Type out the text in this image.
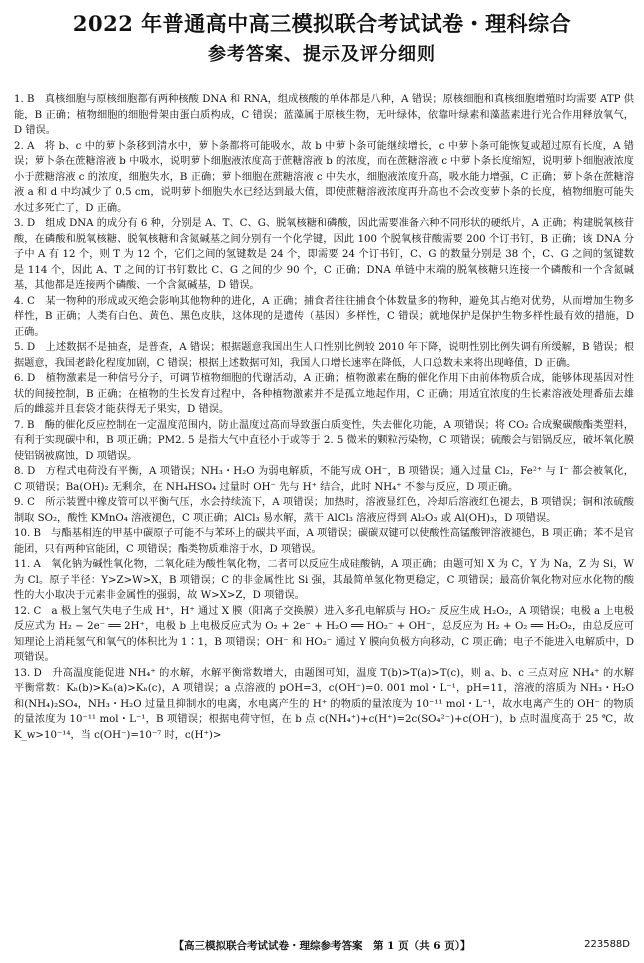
2022 年普通高中高三模拟联合考试试卷・理科综合
参考答案、提示及评分细则

1. B　真核细胞与原核细胞都有两种核酸 DNA 和 RNA，组成核酸的单体都是八种，A 错误；原核细胞和真核细胞增殖时均需要 ATP 供能，B 正确；植物细胞的细胞骨架由蛋白质构成，C 错误；蓝藻属于原核生物，无叶绿体，依靠叶绿素和藻蓝素进行光合作用释放氧气，D 错误。

2. A　将 b、c 中的萝卜条移到清水中，萝卜条都将可能吸水，故 b 中萝卜条可能继续增长，c 中萝卜条可能恢复或超过原有长度，A 错误；萝卜条在蔗糖溶液 b 中吸水，说明萝卜细胞液浓度高于蔗糖溶液 b 的浓度，而在蔗糖溶液 c 中萝卜条长度缩短，说明萝卜细胞液浓度小于蔗糖溶液 c 的浓度，细胞失水，B 正确；萝卜细胞在蔗糖溶液 c 中失水，细胞液浓度升高，吸水能力增强，C 正确；萝卜条在蔗糖溶液 a 和 d 中均减少了 0.5 cm，说明萝卜细胞失水已经达到最大值，即使蔗糖溶液浓度再升高也不会改变萝卜条的长度，植物细胞可能失水过多死亡了，D 正确。

3. D　组成 DNA 的成分有 6 种，分别是 A、T、C、G、脱氧核糖和磷酸，因此需要准备六种不同形状的硬纸片，A 正确；构建脱氧核苷酸，在磷酸和脱氧核糖、脱氧核糖和含氮碱基之间分别有一个化学键，因此 100 个脱氧核苷酸需要 200 个订书钉，B 正确；该 DNA 分子中 A 有 12 个，则 T 为 12 个，它们之间的氢键数是 24 个，即需要 24 个订书钉，C、G 的数量分别是 38 个，C、G 之间的氢键数是 114 个，因此 A、T 之间的订书钉数比 C、G 之间的少 90 个，C 正确；DNA 单链中末端的脱氧核糖只连接一个磷酸和一个含氮碱基，其他都是连接两个磷酸、一个含氮碱基，D 错误。

4. C　某一物种的形成或灭绝会影响其他物种的进化，A 正确；捕食者往往捕食个体数量多的物种，避免其占绝对优势，从而增加生物多样性，B 正确；人类有白色、黄色、黑色皮肤，这体现的是遗传（基因）多样性，C 错误；就地保护是保护生物多样性最有效的措施，D 正确。

5. D　上述数据不是抽查，是普查，A 错误；根据题意我国出生人口性别比例较 2010 年下降，说明性别比例失调有所缓解，B 错误；根据题意，我国老龄化程度加剧，C 错误；根据上述数据可知，我国人口增长速率在降低，人口总数未来将出现峰值，D 正确。

6. D　植物激素是一种信号分子，可调节植物细胞的代谢活动，A 正确；植物激素在酶的催化作用下由前体物质合成，能够体现基因对性状的间接控制，B 正确；在植物的生长发育过程中，各种植物激素并不是孤立地起作用，C 正确；用适宜浓度的生长素溶液处理番茄去雄后的雌蕊并且套袋才能获得无子果实，D 错误。

7. B　酶的催化反应控制在一定温度范围内，防止温度过高而导致蛋白质变性，失去催化功能，A 项错误；将 CO₂ 合成聚碳酸酯类塑料，有利于实现碳中和，B 项正确；PM2. 5 是指大气中直径小于或等于 2. 5 微米的颗粒污染物，C 项错误；硫酸会与铝锅反应，破坏氧化膜使铝锅被腐蚀，D 项错误。

8. D　方程式电荷没有平衡，A 项错误；NH₃・H₂O 为弱电解质，不能写成 OH⁻，B 项错误；通入过量 Cl₂，Fe²⁺ 与 I⁻ 都会被氧化，C 项错误；Ba(OH)₂ 无剩余，在 NH₄HSO₄ 过量时 OH⁻ 先与 H⁺ 结合，此时 NH₄⁺ 不参与反应，D 项正确。

9. C　所示装置中橡皮管可以平衡气压，水会持续流下，A 项错误；加热时，溶液显红色，冷却后溶液红色褪去，B 项错误；铜和浓硫酸制取 SO₂，酸性 KMnO₄ 溶液褪色，C 项正确；AlCl₃ 易水解，蒸干 AlCl₃ 溶液应得到 Al₂O₃ 或 Al(OH)₃，D 项错误。

10. B　与酯基相连的甲基中碳原子可能不与苯环上的碳共平面，A 项错误；碳碳双键可以使酸性高锰酸钾溶液褪色，B 项正确；苯不是官能团，只有两种官能团，C 项错误；酯类物质难溶于水，D 项错误。

11. A　氧化钠为碱性氧化物，二氧化硅为酸性氧化物，二者可以反应生成硅酸钠，A 项正确；由题可知 X 为 C，Y 为 Na，Z 为 Si，W 为 Cl。原子半径：Y>Z>W>X，B 项错误；C 的非金属性比 Si 强，其最简单氢化物更稳定，C 项错误；最高价氧化物对应水化物的酸性的大小取决于元素非金属性的强弱，故 W>X>Z，D 项错误。

12. C　a 极上氢气失电子生成 H⁺，H⁺ 通过 X 膜（阳离子交换膜）进入多孔电解质与 HO₂⁻ 反应生成 H₂O₂，A 项错误；电极 a 上电极反应式为 H₂ − 2e⁻ ══ 2H⁺，电极 b 上电极反应式为 O₂ + 2e⁻ + H₂O ══ HO₂⁻ + OH⁻，总反应为 H₂ + O₂ ══ H₂O₂，由总反应可知理论上消耗氢气和氧气的体积比为 1∶1，B 项错误；OH⁻ 和 HO₂⁻ 通过 Y 膜向负极方向移动，C 项正确；电子不能进入电解质中，D 项错误。

13. D　升高温度能促进 NH₄⁺ 的水解，水解平衡常数增大，由题图可知，温度 T(b)>T(a)>T(c)，则 a、b、c 三点对应 NH₄⁺ 的水解平衡常数：Kₕ(b)>Kₕ(a)>Kₕ(c)，A 项错误；a 点溶液的 pOH=3，c(OH⁻)=0. 001 mol・L⁻¹，pH=11，溶液的溶质为 NH₃・H₂O 和(NH₄)₂SO₄，NH₃・H₂O 过量且抑制水的电离，水电离产生的 H⁺ 的物质的量浓度为 10⁻¹¹ mol・L⁻¹，故水电离产生的 OH⁻ 的物质的量浓度为 10⁻¹¹ mol・L⁻¹，B 项错误；根据电荷守恒，在 b 点 c(NH₄⁺)+c(H⁺)=2c(SO₄²⁻)+c(OH⁻)，b 点时温度高于 25 ℃，故 K_w>10⁻¹⁴，当 c(OH⁻)=10⁻⁷ 时，c(H⁺)>

【高三模拟联合考试试卷・理综参考答案　第 1 页（共 6 页）】	223588D
